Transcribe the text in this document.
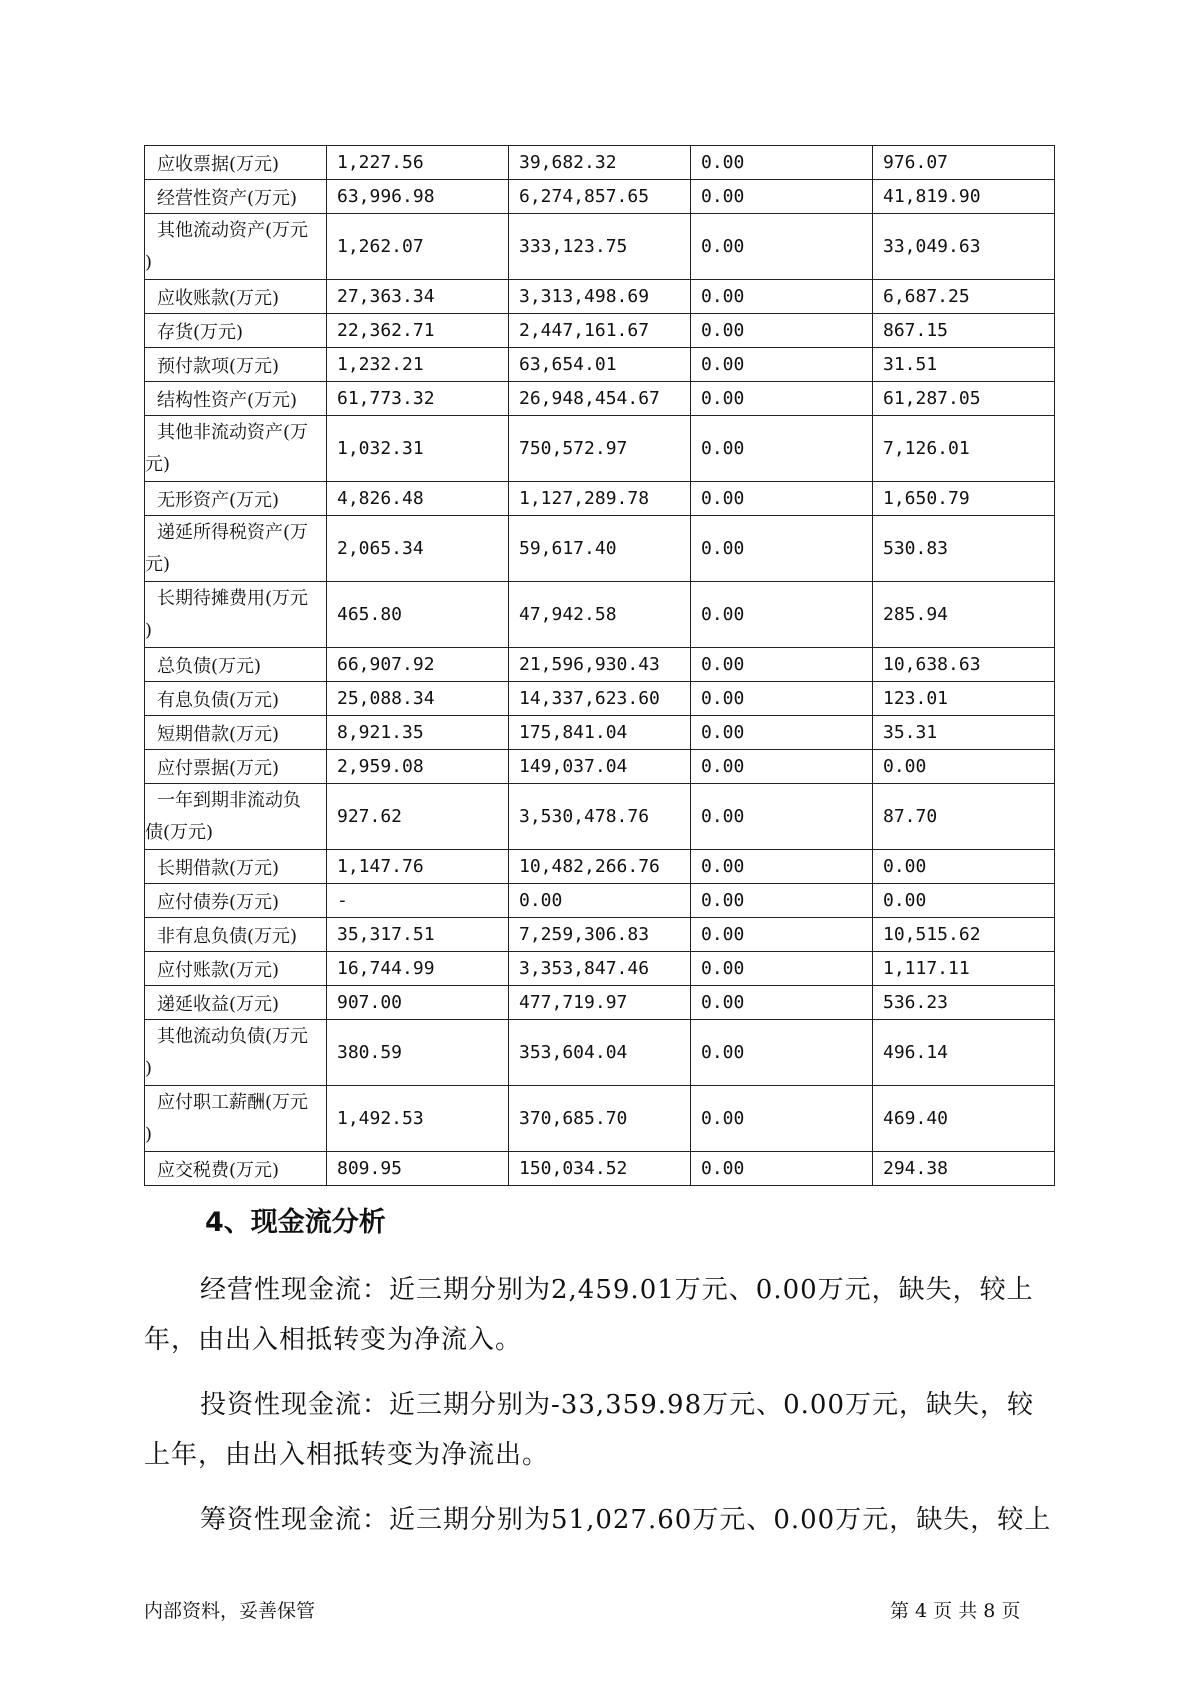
应收票据(万元)	1,227.56	39,682.32	0.00	976.07
经营性资产(万元)	63,996.98	6,274,857.65	0.00	41,819.90

其他流动资产(万元
)	1,262.07	333,123.75	0.00	33,049.63
应收账款(万元)	27,363.34	3,313,498.69	0.00	6,687.25
存货(万元)	22,362.71	2,447,161.67	0.00	867.15
预付款项(万元)	1,232.21	63,654.01	0.00	31.51
结构性资产(万元)	61,773.32	26,948,454.67	0.00	61,287.05

其他非流动资产(万
元)	1,032.31	750,572.97	0.00	7,126.01
无形资产(万元)	4,826.48	1,127,289.78	0.00	1,650.79

递延所得税资产(万
元)	2,065.34	59,617.40	0.00	530.83

长期待摊费用(万元
)	465.80	47,942.58	0.00	285.94
总负债(万元)	66,907.92	21,596,930.43	0.00	10,638.63
有息负债(万元)	25,088.34	14,337,623.60	0.00	123.01
短期借款(万元)	8,921.35	175,841.04	0.00	35.31
应付票据(万元)	2,959.08	149,037.04	0.00	0.00

一年到期非流动负
债(万元)	927.62	3,530,478.76	0.00	87.70
长期借款(万元)	1,147.76	10,482,266.76	0.00	0.00
应付债券(万元)	-	0.00	0.00	0.00
非有息负债(万元)	35,317.51	7,259,306.83	0.00	10,515.62
应付账款(万元)	16,744.99	3,353,847.46	0.00	1,117.11
递延收益(万元)	907.00	477,719.97	0.00	536.23

其他流动负债(万元
)	380.59	353,604.04	0.00	496.14

应付职工薪酬(万元
)	1,492.53	370,685.70	0.00	469.40
应交税费(万元)	809.95	150,034.52	0.00	294.38
4、现金流分析

经营性现金流：近三期分别为2,459.01万元、0.00万元，缺失，较上年，由出入相抵转变为净流入。

投资性现金流：近三期分别为-33,359.98万元、0.00万元，缺失，较上年，由出入相抵转变为净流出。

筹资性现金流：近三期分别为51,027.60万元、0.00万元，缺失，较上

内部资料，妥善保管	第 4 页 共 8 页
